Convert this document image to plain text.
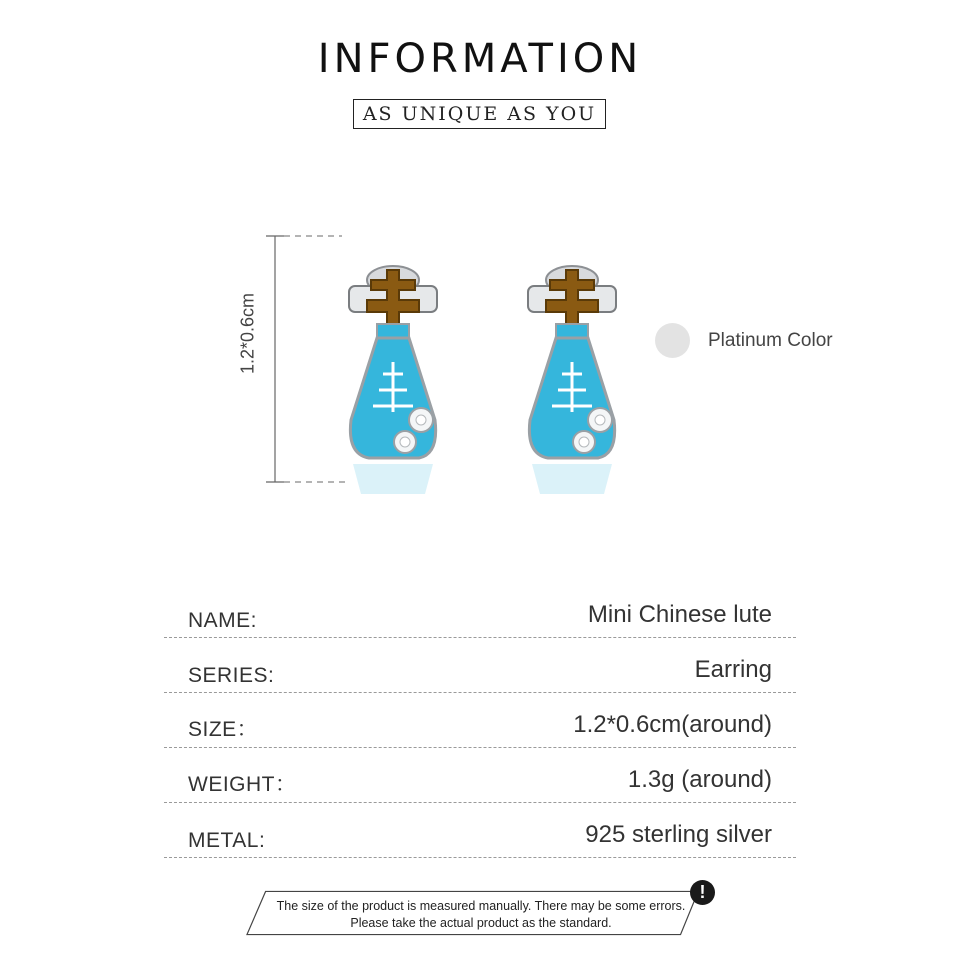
INFORMATION
AS UNIQUE AS YOU
1.2*0.6cm	Platinum Color
NAME:	Mini Chinese lute
SERIES:	Earring
SIZE：	1.2*0.6cm(around)
WEIGHT：	1.3g (around)
METAL:	925 sterling silver
The size of the product is measured manually. There may be some errors.
Please take the actual product as the standard.
!
